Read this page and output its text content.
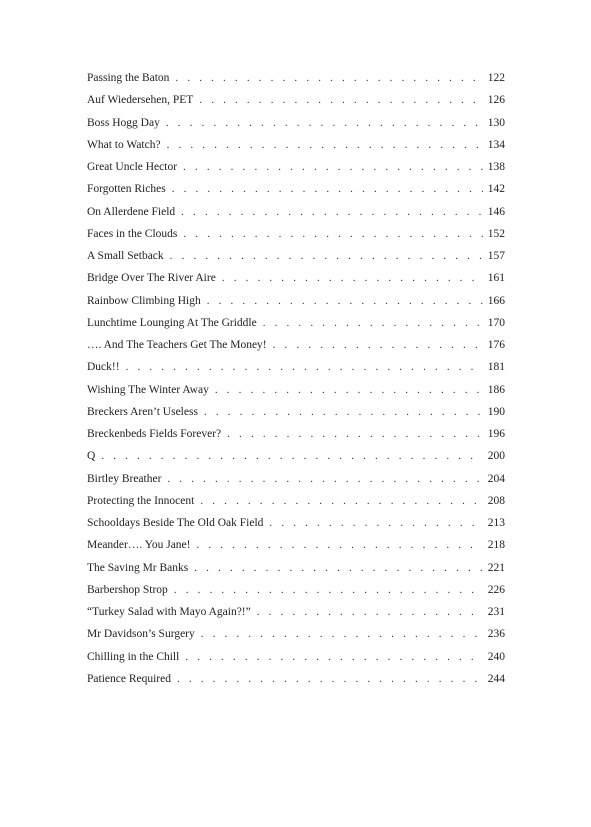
Passing the Baton . . .	122
Auf Wiedersehen, PET . . .	126
Boss Hogg Day . . .	130
What to Watch? . . .	134
Great Uncle Hector . . .	138
Forgotten Riches . . .	142
On Allerdene Field . . .	146
Faces in the Clouds . . .	152
A Small Setback . . .	157
Bridge Over The River Aire . . .	161
Rainbow Climbing High . . .	166
Lunchtime Lounging At The Griddle . . .	170
…. And The Teachers Get The Money! . . .	176
Duck!! . . .	181
Wishing The Winter Away . . .	186
Breckers Aren’t Useless . . .	190
Breckenbeds Fields Forever? . . .	196
Q . . .	200
Birtley Breather . . .	204
Protecting the Innocent . . .	208
Schooldays Beside The Old Oak Field . . .	213
Meander…. You Jane! . . .	218
The Saving Mr Banks . . .	221
Barbershop Strop . . .	226
“Turkey Salad with Mayo Again?!” . . .	231
Mr Davidson’s Surgery . . .	236
Chilling in the Chill . . .	240
Patience Required . . .	244
